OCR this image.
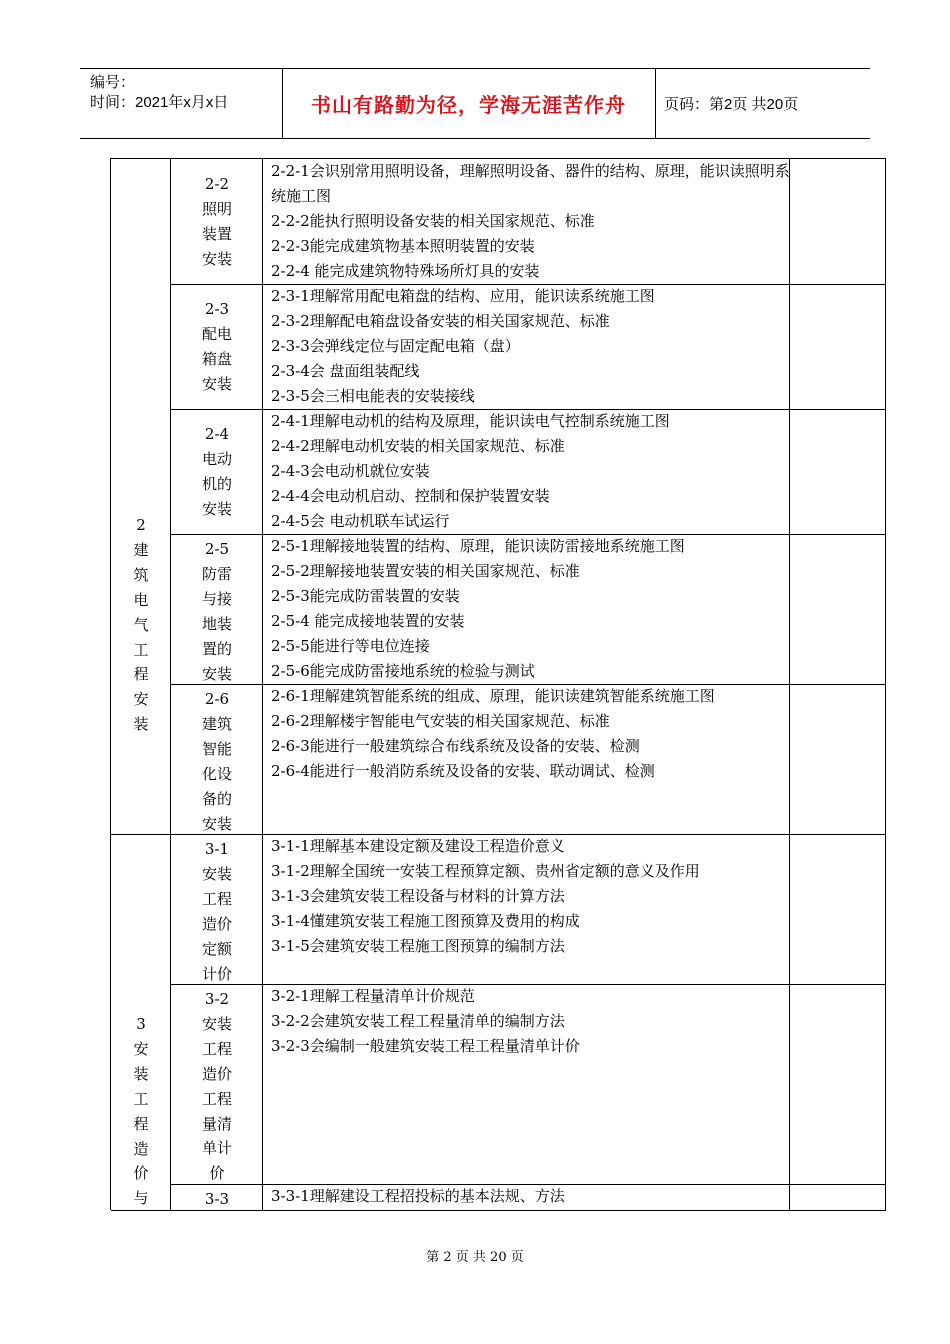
编号：
时间：2021年x月x日	书山有路勤为径，学海无涯苦作舟	页码：第2页 共20页
2
建
筑
电
气
工
程
安
装
3
安
装
工
程
造
价
与
2-2
照明
装置
安装
2-3
配电
箱盘
安装
2-4
电动
机的
安装
2-5
防雷
与接
地装
置的
安装
2-6
建筑
智能
化设
备的
安装
3-1
安装
工程
造价
定额
计价
3-2
安装
工程
造价
工程
量清
单计
价
3-3
2-2-1会识别常用照明设备，理解照明设备、器件的结构、原理，能识读照明系统施工图
2-2-2能执行照明设备安装的相关国家规范、标准
2-2-3能完成建筑物基本照明装置的安装
2-2-4 能完成建筑物特殊场所灯具的安装
2-3-1理解常用配电箱盘的结构、应用，能识读系统施工图
2-3-2理解配电箱盘设备安装的相关国家规范、标准
2-3-3会弹线定位与固定配电箱（盘）
2-3-4会 盘面组装配线
2-3-5会三相电能表的安装接线
2-4-1理解电动机的结构及原理，能识读电气控制系统施工图
2-4-2理解电动机安装的相关国家规范、标准
2-4-3会电动机就位安装
2-4-4会电动机启动、控制和保护装置安装
2-4-5会 电动机联车试运行
2-5-1理解接地装置的结构、原理，能识读防雷接地系统施工图
2-5-2理解接地装置安装的相关国家规范、标准
2-5-3能完成防雷装置的安装
2-5-4 能完成接地装置的安装
2-5-5能进行等电位连接
2-5-6能完成防雷接地系统的检验与测试
2-6-1理解建筑智能系统的组成、原理，能识读建筑智能系统施工图
2-6-2理解楼宇智能电气安装的相关国家规范、标准
2-6-3能进行一般建筑综合布线系统及设备的安装、检测
2-6-4能进行一般消防系统及设备的安装、联动调试、检测
3-1-1理解基本建设定额及建设工程造价意义
3-1-2理解全国统一安装工程预算定额、贵州省定额的意义及作用
3-1-3会建筑安装工程设备与材料的计算方法
3-1-4懂建筑安装工程施工图预算及费用的构成
3-1-5会建筑安装工程施工图预算的编制方法
3-2-1理解工程量清单计价规范
3-2-2会建筑安装工程工程量清单的编制方法
3-2-3会编制一般建筑安装工程工程量清单计价
3-3-1理解建设工程招投标的基本法规、方法
第 2 页 共 20 页
